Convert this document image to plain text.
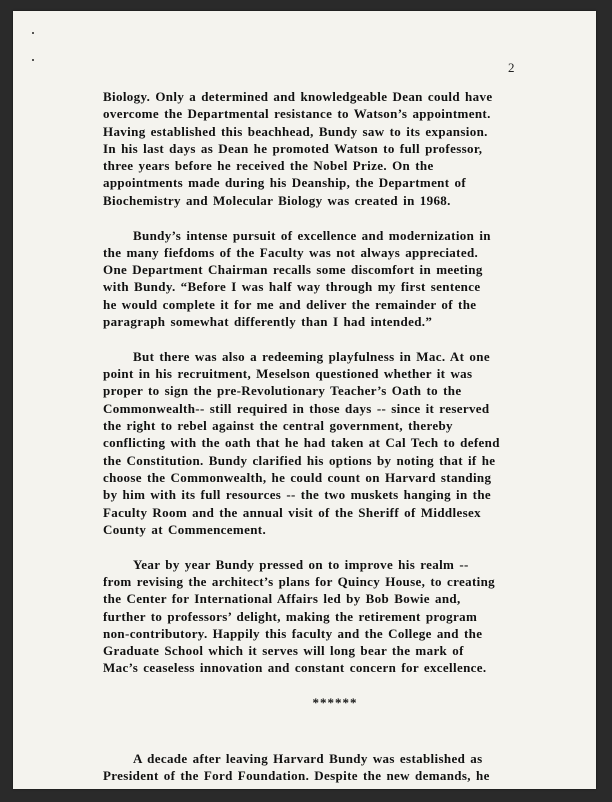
2
Biology. Only a determined and knowledgeable Dean could have
overcome the Departmental resistance to Watson’s appointment.
Having established this beachhead, Bundy saw to its expansion.
In his last days as Dean he promoted Watson to full professor,
three years before he received the Nobel Prize. On the
appointments made during his Deanship, the Department of
Biochemistry and Molecular Biology was created in 1968.
Bundy’s intense pursuit of excellence and modernization in
the many fiefdoms of the Faculty was not always appreciated.
One Department Chairman recalls some discomfort in meeting
with Bundy. “Before I was half way through my first sentence
he would complete it for me and deliver the remainder of the
paragraph somewhat differently than I had intended.”
But there was also a redeeming playfulness in Mac. At one
point in his recruitment, Meselson questioned whether it was
proper to sign the pre-Revolutionary Teacher’s Oath to the
Commonwealth-- still required in those days -- since it reserved
the right to rebel against the central government, thereby
conflicting with the oath that he had taken at Cal Tech to defend
the Constitution. Bundy clarified his options by noting that if he
choose the Commonwealth, he could count on Harvard standing
by him with its full resources -- the two muskets hanging in the
Faculty Room and the annual visit of the Sheriff of Middlesex
County at Commencement.
Year by year Bundy pressed on to improve his realm --
from revising the architect’s plans for Quincy House, to creating
the Center for International Affairs led by Bob Bowie and,
further to professors’ delight, making the retirement program
non-contributory. Happily this faculty and the College and the
Graduate School which it serves will long bear the mark of
Mac’s ceaseless innovation and constant concern for excellence.
******
A decade after leaving Harvard Bundy was established as
President of the Ford Foundation. Despite the new demands, he
